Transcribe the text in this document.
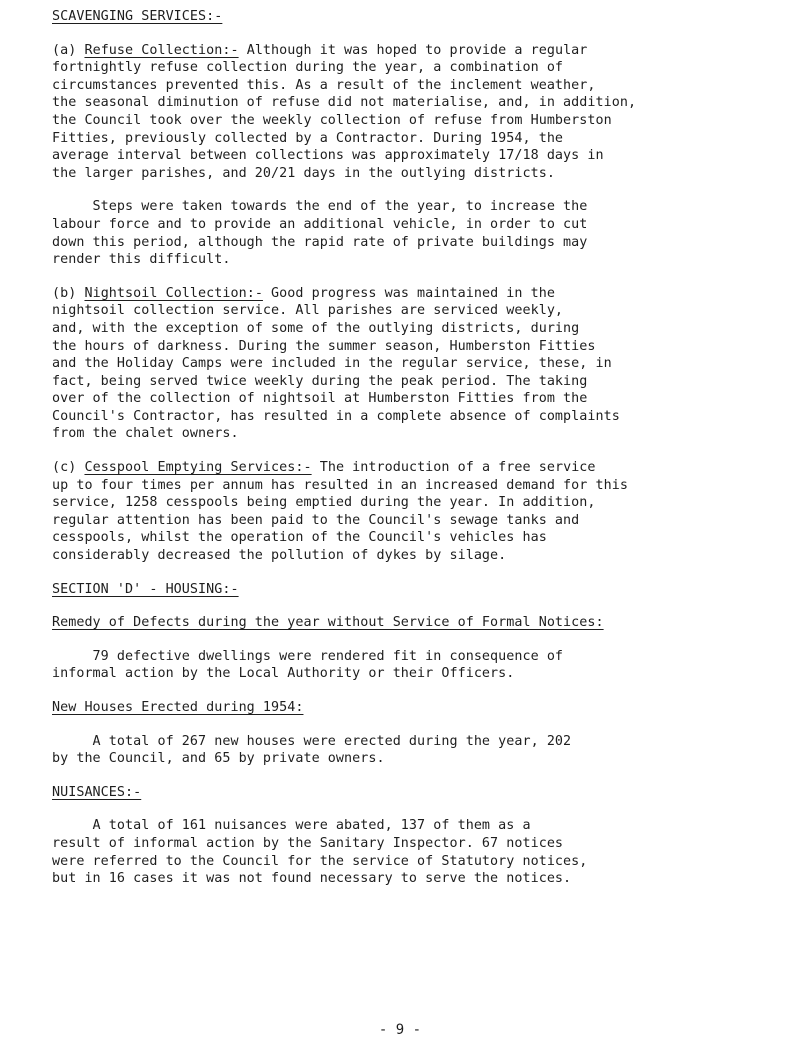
SCAVENGING SERVICES:-

(a) Refuse Collection:- Although it was hoped to provide a regular

fortnightly refuse collection during the year, a combination of

circumstances prevented this. As a result of the inclement weather,

the seasonal diminution of refuse did not materialise, and, in addition,

the Council took over the weekly collection of refuse from Humberston

Fitties, previously collected by a Contractor. During 1954, the

average interval between collections was approximately 17/18 days in

the larger parishes, and 20/21 days in the outlying districts.

Steps were taken towards the end of the year, to increase the

labour force and to provide an additional vehicle, in order to cut

down this period, although the rapid rate of private buildings may

render this difficult.

(b) Nightsoil Collection:- Good progress was maintained in the

nightsoil collection service. All parishes are serviced weekly,

and, with the exception of some of the outlying districts, during

the hours of darkness. During the summer season, Humberston Fitties

and the Holiday Camps were included in the regular service, these, in

fact, being served twice weekly during the peak period. The taking

over of the collection of nightsoil at Humberston Fitties from the

Council's Contractor, has resulted in a complete absence of complaints

from the chalet owners.

(c) Cesspool Emptying Services:- The introduction of a free service

up to four times per annum has resulted in an increased demand for this

service, 1258 cesspools being emptied during the year. In addition,

regular attention has been paid to the Council's sewage tanks and

cesspools, whilst the operation of the Council's vehicles has

considerably decreased the pollution of dykes by silage.

SECTION 'D' - HOUSING:-

Remedy of Defects during the year without Service of Formal Notices:

79 defective dwellings were rendered fit in consequence of

informal action by the Local Authority or their Officers.

New Houses Erected during 1954:

A total of 267 new houses were erected during the year, 202

by the Council, and 65 by private owners.

NUISANCES:-

A total of 161 nuisances were abated, 137 of them as a

result of informal action by the Sanitary Inspector. 67 notices

were referred to the Council for the service of Statutory notices,

but in 16 cases it was not found necessary to serve the notices.

- 9 -
